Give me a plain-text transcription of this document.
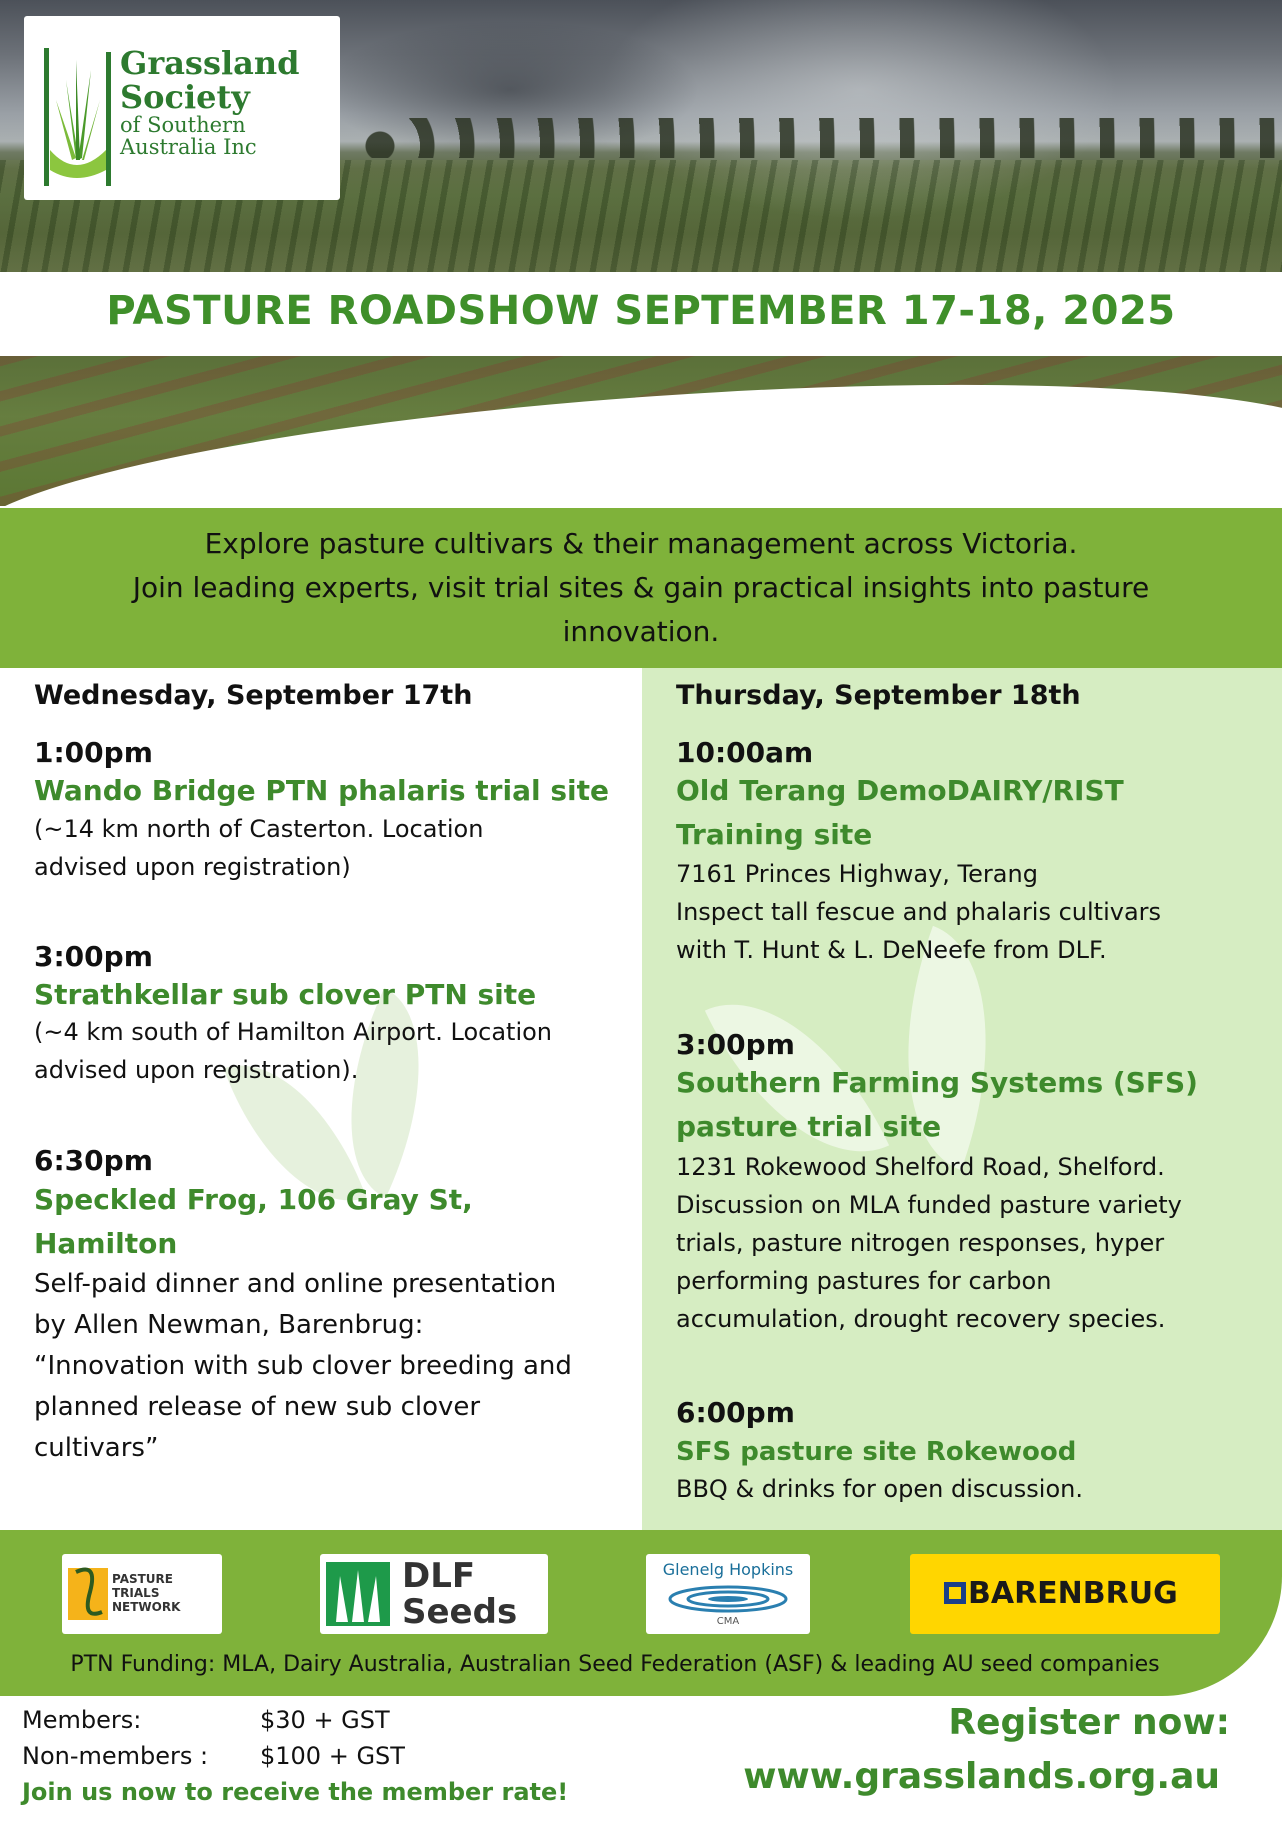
Grassland
Society
of Southern
Australia Inc
PASTURE ROADSHOW SEPTEMBER 17-18, 2025

Explore pasture cultivars & their management across Victoria.

Join leading experts, visit trial sites & gain practical insights into pasture

innovation.

Wednesday, September 17th
1:00pm
Wando Bridge PTN phalaris trial site
(~14 km north of Casterton. Location
advised upon registration)
3:00pm
Strathkellar sub clover PTN site
(~4 km south of Hamilton Airport. Location
advised upon registration).
6:30pm
Speckled Frog, 106 Gray St,
Hamilton
Self-paid dinner and online presentation
by Allen Newman, Barenbrug:
“Innovation with sub clover breeding and
planned release of new sub clover
cultivars”
Thursday, September 18th
10:00am
Old Terang DemoDAIRY/RIST
Training site
7161 Princes Highway, Terang
Inspect tall fescue and phalaris cultivars
with T. Hunt & L. DeNeefe from DLF.
3:00pm
Southern Farming Systems (SFS)
pasture trial site
1231 Rokewood Shelford Road, Shelford.
Discussion on MLA funded pasture variety
trials, pasture nitrogen responses, hyper
performing pastures for carbon
accumulation, drought recovery species.
6:00pm
SFS pasture site Rokewood
BBQ & drinks for open discussion.
PASTURE
TRIALS
NETWORK
DLF
Seeds
Glenelg Hopkins
CMA
BARENBRUG
PTN Funding: MLA, Dairy Australia, Australian Seed Federation (ASF) & leading AU seed companies
Members:	$30 + GST
Non-members : $100 + GST
Join us now to receive the member rate!
Register now:
www.grasslands.org.au
